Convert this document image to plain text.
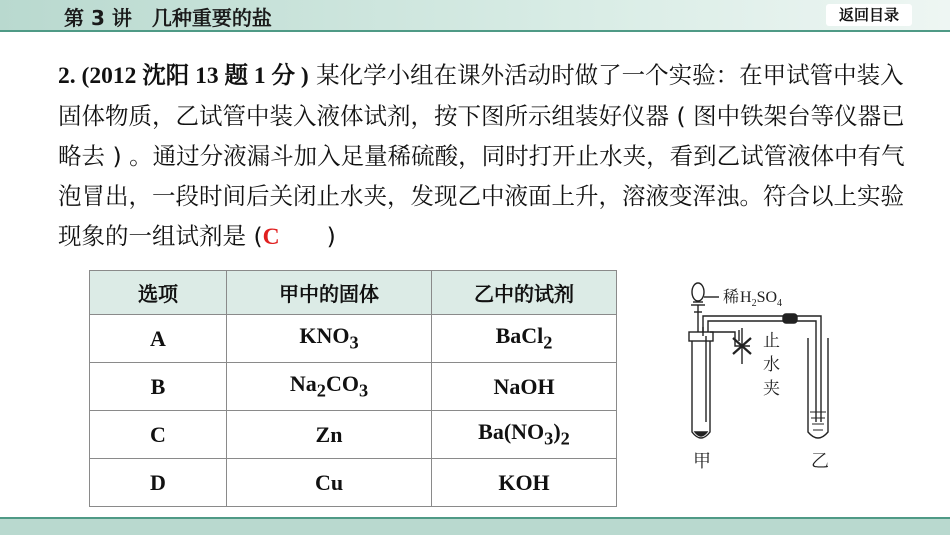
第 3 讲　几种重要的盐	返回目录
2. (2012 沈阳 13 题 1 分 ) 某化学小组在课外活动时做了一个实验：在甲试管中装入固体物质，乙试管中装入液体试剂，按下图所示组装好仪器 ( 图中铁架台等仪器已略去 ) 。通过分液漏斗加入足量稀硫酸，同时打开止水夹，看到乙试管液体中有气泡冒出，一段时间后关闭止水夹，发现乙中液面上升，溶液变浑浊。符合以上实验现象的一组试剂是 (C　　)
选项	甲中的固体	乙中的试剂
A	$KNO_3$	BaCl$_2$
B	$Na_2CO_3$	NaOH
C	Zn	$Ba(NO_3)_2$
D	Cu	KOH
稀$H_2SO_4$
止
水
夹
甲	乙
